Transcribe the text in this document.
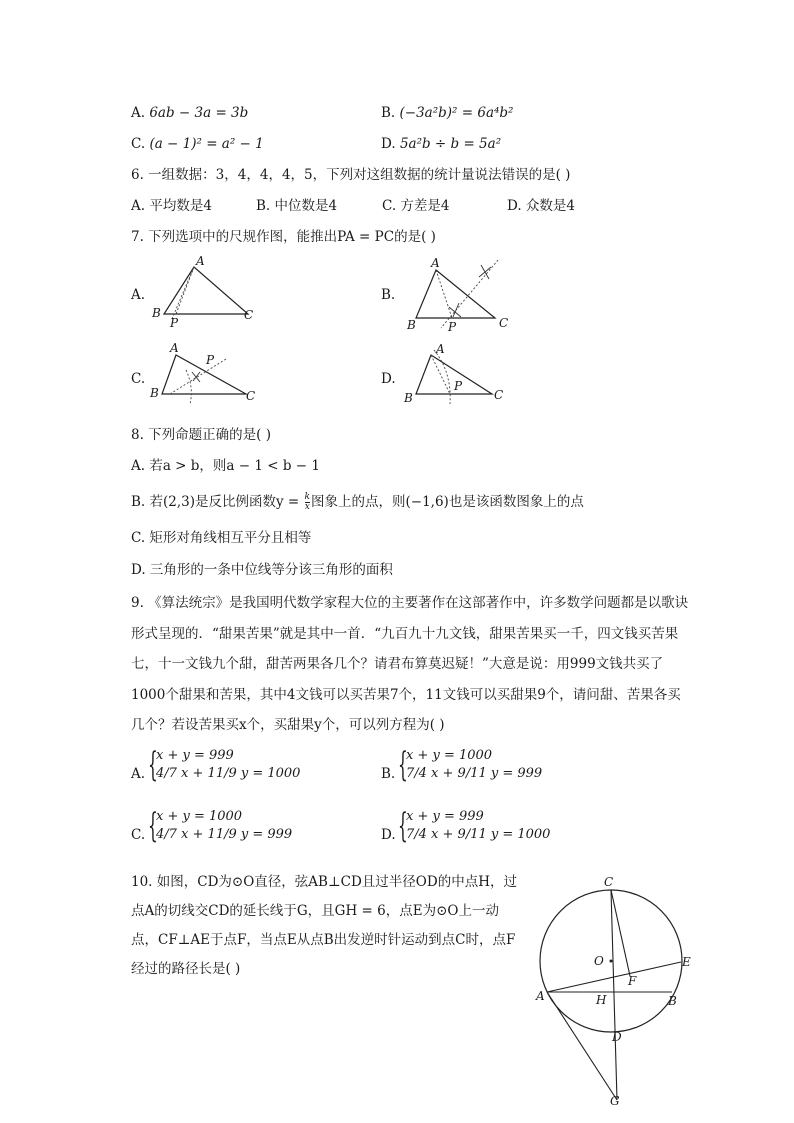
A. 6ab − 3a = 3b	B. (−3a²b)² = 6a⁴b²
C. (a − 1)² = a² − 1	D. 5a²b ÷ b = 5a²
6. 一组数据：3，4，4，4，5，下列对这组数据的统计量说法错误的是( )
A. 平均数是4	B. 中位数是4	C. 方差是4	D. 众数是4
7. 下列选项中的尺规作图，能推出PA = PC的是( )
A.
A
B
P
C
B.
A
B	P	C
C.
A
P
B	C
D.
A
P
B	C
8. 下列命题正确的是( )
A. 若a > b，则a − 1 < b − 1
B. 若(2,3)是反比例函数$y = \frac{k}{x}$ 图象上的点，则(−1,6)也是该函数图象上的点
C. 矩形对角线相互平分且相等
D. 三角形的一条中位线等分该三角形的面积
9. 《算法统宗》是我国明代数学家程大位的主要著作在这部著作中，许多数学问题都是以歌诀形式呈现的．“甜果苦果”就是其中一首．“九百九十九文钱，甜果苦果买一千，四文钱买苦果七，十一文钱九个甜，甜苦两果各几个？请君布算莫迟疑！”大意是说：用999文钱共买了1000个甜果和苦果，其中4文钱可以买苦果7个，11文钱可以买甜果9个，请问甜、苦果各买几个？若设苦果买x个，买甜果y个，可以列方程为( )
A. {
x + y = 999
4/7 x + 11/9 y = 1000	B. {
x + y = 1000
7/4 x + 9/11 y = 999
C. {
x + y = 1000
4/7 x + 11/9 y = 999	D. {
x + y = 999
7/4 x + 9/11 y = 1000
10. 如图，CD为⊙O直径，弦AB⊥CD且过半径OD的中点H，过点A的切线交CD的延长线于G，且GH = 6，点E为⊙O上一动点，CF⊥AE于点F，当点E从点B出发逆时针运动到点C时，点F经过的路径长是( )
C
O	E
F
A	H	B
D
G
